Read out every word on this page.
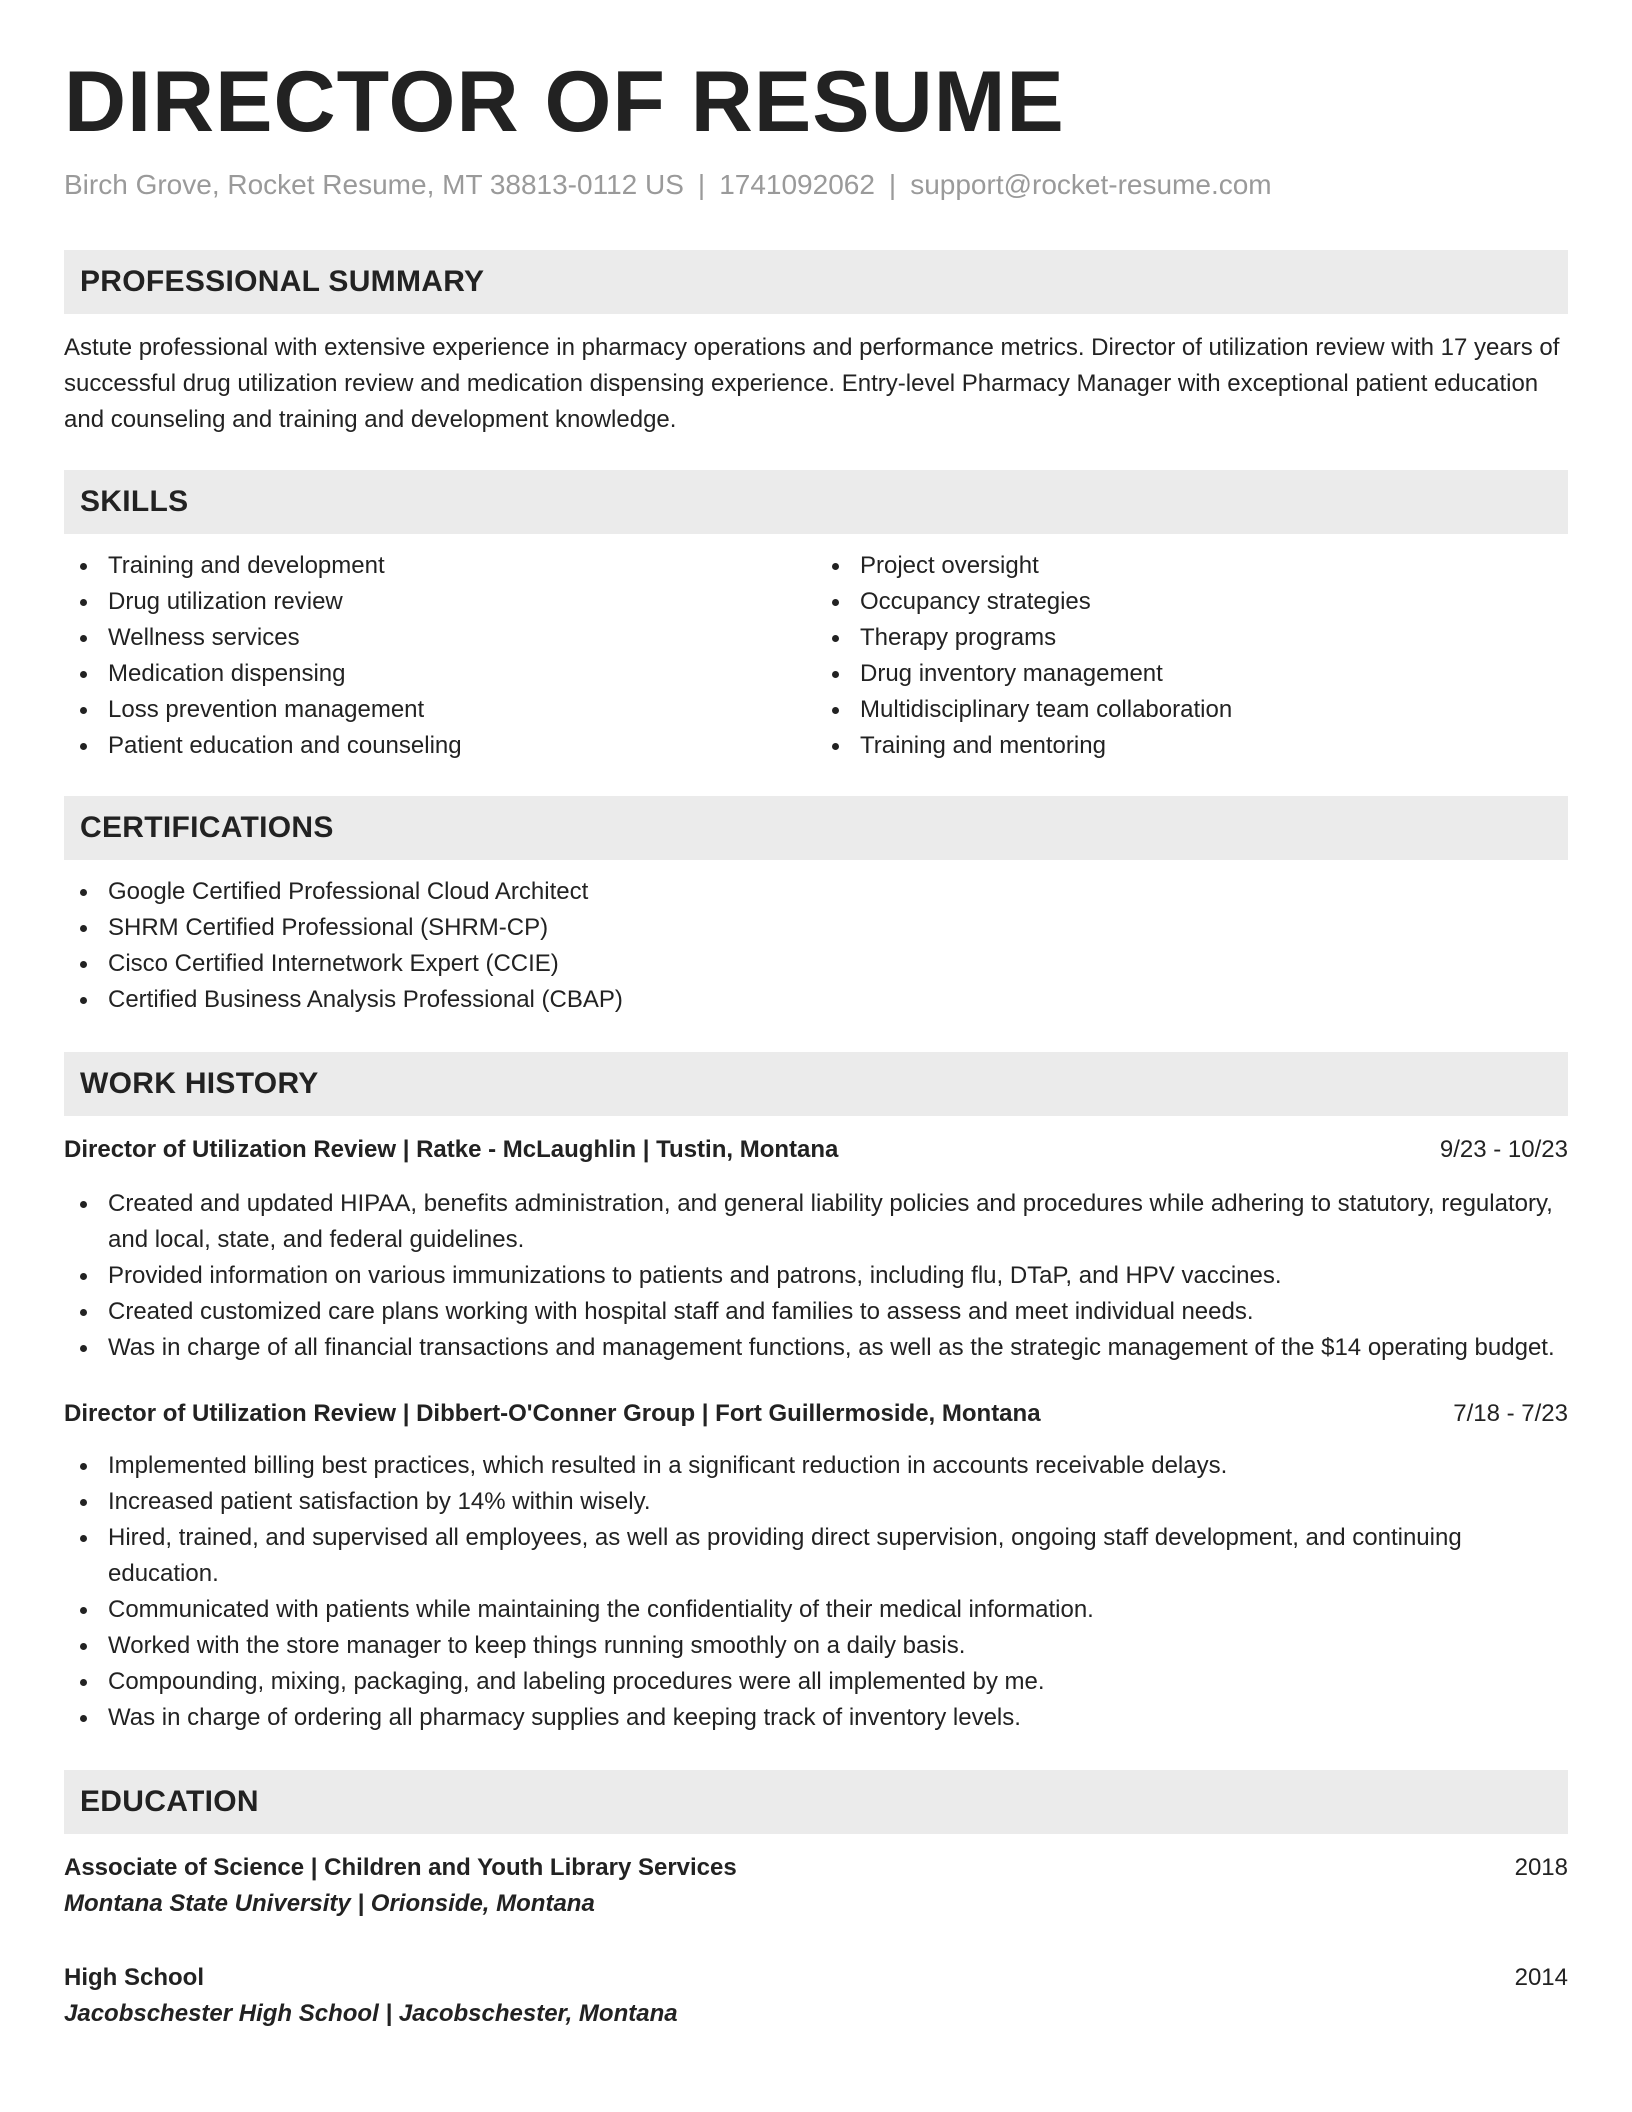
DIRECTOR OF RESUME
Birch Grove, Rocket Resume, MT 38813-0112 US | 1741092062 | support@rocket-resume.com
PROFESSIONAL SUMMARY
Astute professional with extensive experience in pharmacy operations and performance metrics. Director of utilization review with 17 years of successful drug utilization review and medication dispensing experience. Entry-level Pharmacy Manager with exceptional patient education and counseling and training and development knowledge.
SKILLS
Training and development
Drug utilization review
Wellness services
Medication dispensing
Loss prevention management
Patient education and counseling
Project oversight
Occupancy strategies
Therapy programs
Drug inventory management
Multidisciplinary team collaboration
Training and mentoring
CERTIFICATIONS
Google Certified Professional Cloud Architect
SHRM Certified Professional (SHRM-CP)
Cisco Certified Internetwork Expert (CCIE)
Certified Business Analysis Professional (CBAP)
WORK HISTORY
Director of Utilization Review | Ratke - McLaughlin | Tustin, Montana	9/23 - 10/23
Created and updated HIPAA, benefits administration, and general liability policies and procedures while adhering to statutory, regulatory, and local, state, and federal guidelines.
Provided information on various immunizations to patients and patrons, including flu, DTaP, and HPV vaccines.
Created customized care plans working with hospital staff and families to assess and meet individual needs.
Was in charge of all financial transactions and management functions, as well as the strategic management of the $14 operating budget.
Director of Utilization Review | Dibbert-O'Conner Group | Fort Guillermoside, Montana	7/18 - 7/23
Implemented billing best practices, which resulted in a significant reduction in accounts receivable delays.
Increased patient satisfaction by 14% within wisely.
Hired, trained, and supervised all employees, as well as providing direct supervision, ongoing staff development, and continuing education.
Communicated with patients while maintaining the confidentiality of their medical information.
Worked with the store manager to keep things running smoothly on a daily basis.
Compounding, mixing, packaging, and labeling procedures were all implemented by me.
Was in charge of ordering all pharmacy supplies and keeping track of inventory levels.
EDUCATION
Associate of Science | Children and Youth Library Services	2018
Montana State University | Orionside, Montana
High School	2014
Jacobschester High School | Jacobschester, Montana
